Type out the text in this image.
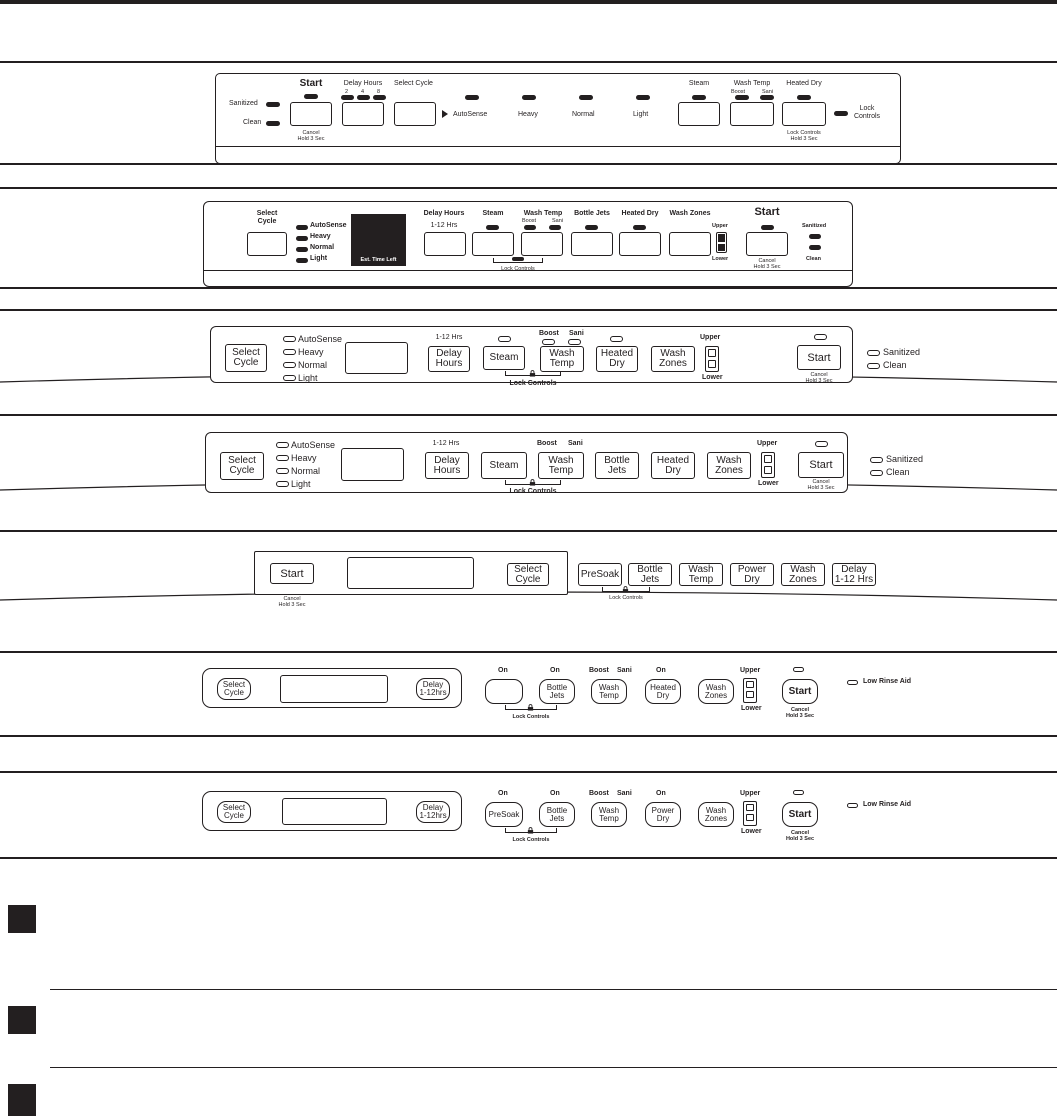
Sanitized
Clean
Start
Cancel
Hold 3 Sec
Delay Hours
2 4 8
Select Cycle
AutoSense	Heavy	Normal	Light
Steam	Wash Temp
Boost	Sani
Heated Dry
Lock Controls
Hold 3 Sec
Lock
Controls
Select
Cycle
AutoSense
Heavy
Normal
Light	Est. Time Left
Delay Hours
1-12 Hrs
Steam	Wash Temp
Boost	Sani
Bottle Jets	Heated Dry	Wash Zones
Upper
Lower
Start
Cancel
Hold 3 Sec
Sanitized
Clean
Lock Controls
Select
Cycle
AutoSense
Heavy
Normal
Light
1-12 Hrs
Delay
Hours
Steam
Boost Sani
Wash
Temp
Heated
Dry
Wash
Zones
Upper
Lower
Start
Cancel
Hold 3 Sec
Sanitized
Clean
Lock Controls
Select
Cycle
AutoSense
Heavy
Normal
Light
1-12 Hrs
Delay
Hours	Steam
Boost Sani
Wash
Temp
Bottle
Jets
Heated
Dry
Wash
Zones
Upper
Lower
Start
Cancel
Hold 3 Sec
Sanitized
Clean
Lock Controls
Start
Cancel
Hold 3 Sec
Select
Cycle	PreSoak Bottle
Jets
Wash
Temp
Power
Dry
Wash
Zones
Delay
1-12 Hrs
Lock Controls
Select
Cycle
Delay
1-12hrs
On	On
Bottle
Jets
Boost Sani
Wash
Temp
On
Heated
Dry
Wash
Zones
Upper
Lower
Start
Cancel
Hold 3 Sec
Low Rinse Aid
Lock Controls
Select
Cycle
Delay
1-12hrs
On
PreSoak
On
Bottle
Jets
Boost Sani
Wash
Temp
On
Power
Dry
Wash
Zones
Upper
Lower
Start
Cancel
Hold 3 Sec
Low Rinse Aid
Lock Controls
